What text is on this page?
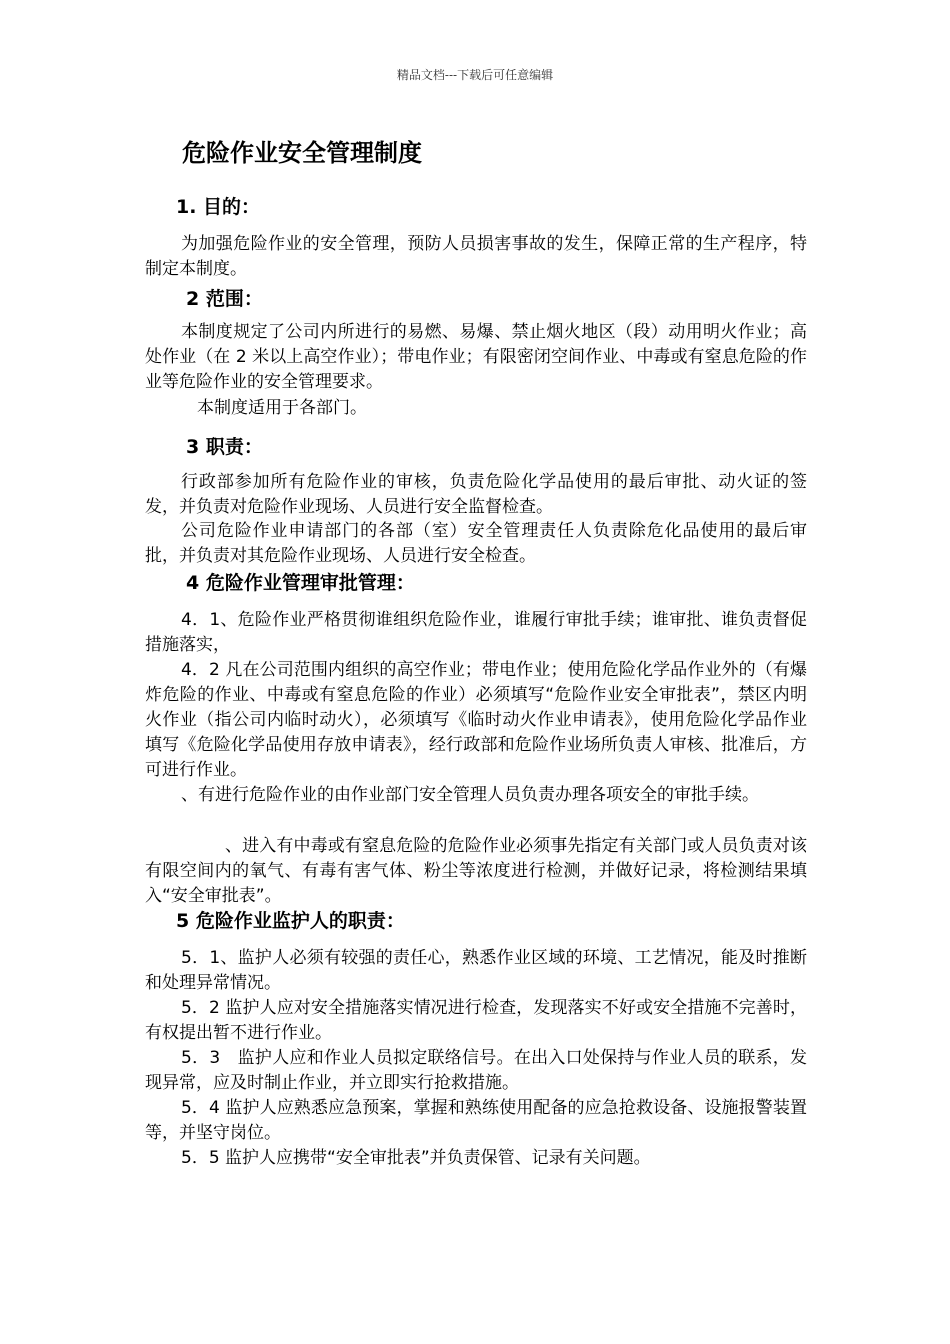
精品文档---下载后可任意编辑
危险作业安全管理制度
1. 目的：

为加强危险作业的安全管理，预防人员损害事故的发生，保障正常的生产程序，特制定本制度。

2 范围：

本制度规定了公司内所进行的易燃、易爆、禁止烟火地区（段）动用明火作业；高处作业（在 2 米以上高空作业）；带电作业；有限密闭空间作业、中毒或有窒息危险的作业等危险作业的安全管理要求。

本制度适用于各部门。

3 职责：

行政部参加所有危险作业的审核，负责危险化学品使用的最后审批、动火证的签发，并负责对危险作业现场、人员进行安全监督检查。

公司危险作业申请部门的各部（室）安全管理责任人负责除危化品使用的最后审批，并负责对其危险作业现场、人员进行安全检查。

4 危险作业管理审批管理：

4．1、危险作业严格贯彻谁组织危险作业，谁履行审批手续；谁审批、谁负责督促措施落实，

4．2 凡在公司范围内组织的高空作业；带电作业；使用危险化学品作业外的（有爆炸危险的作业、中毒或有窒息危险的作业）必须填写“危险作业安全审批表”，禁区内明火作业（指公司内临时动火），必须填写《临时动火作业申请表》，使用危险化学品作业填写《危险化学品使用存放申请表》，经行政部和危险作业场所负责人审核、批准后，方可进行作业。

、有进行危险作业的由作业部门安全管理人员负责办理各项安全的审批手续。

、进入有中毒或有窒息危险的危险作业必须事先指定有关部门或人员负责对该有限空间内的氧气、有毒有害气体、粉尘等浓度进行检测，并做好记录，将检测结果填入“安全审批表”。

5 危险作业监护人的职责：

5．1、监护人必须有较强的责任心，熟悉作业区域的环境、工艺情况，能及时推断和处理异常情况。

5．2 监护人应对安全措施落实情况进行检查，发现落实不好或安全措施不完善时，有权提出暂不进行作业。

5．3　监护人应和作业人员拟定联络信号。在出入口处保持与作业人员的联系，发现异常，应及时制止作业，并立即实行抢救措施。

5．4 监护人应熟悉应急预案，掌握和熟练使用配备的应急抢救设备、设施报警装置等，并坚守岗位。

5．5 监护人应携带“安全审批表”并负责保管、记录有关问题。
